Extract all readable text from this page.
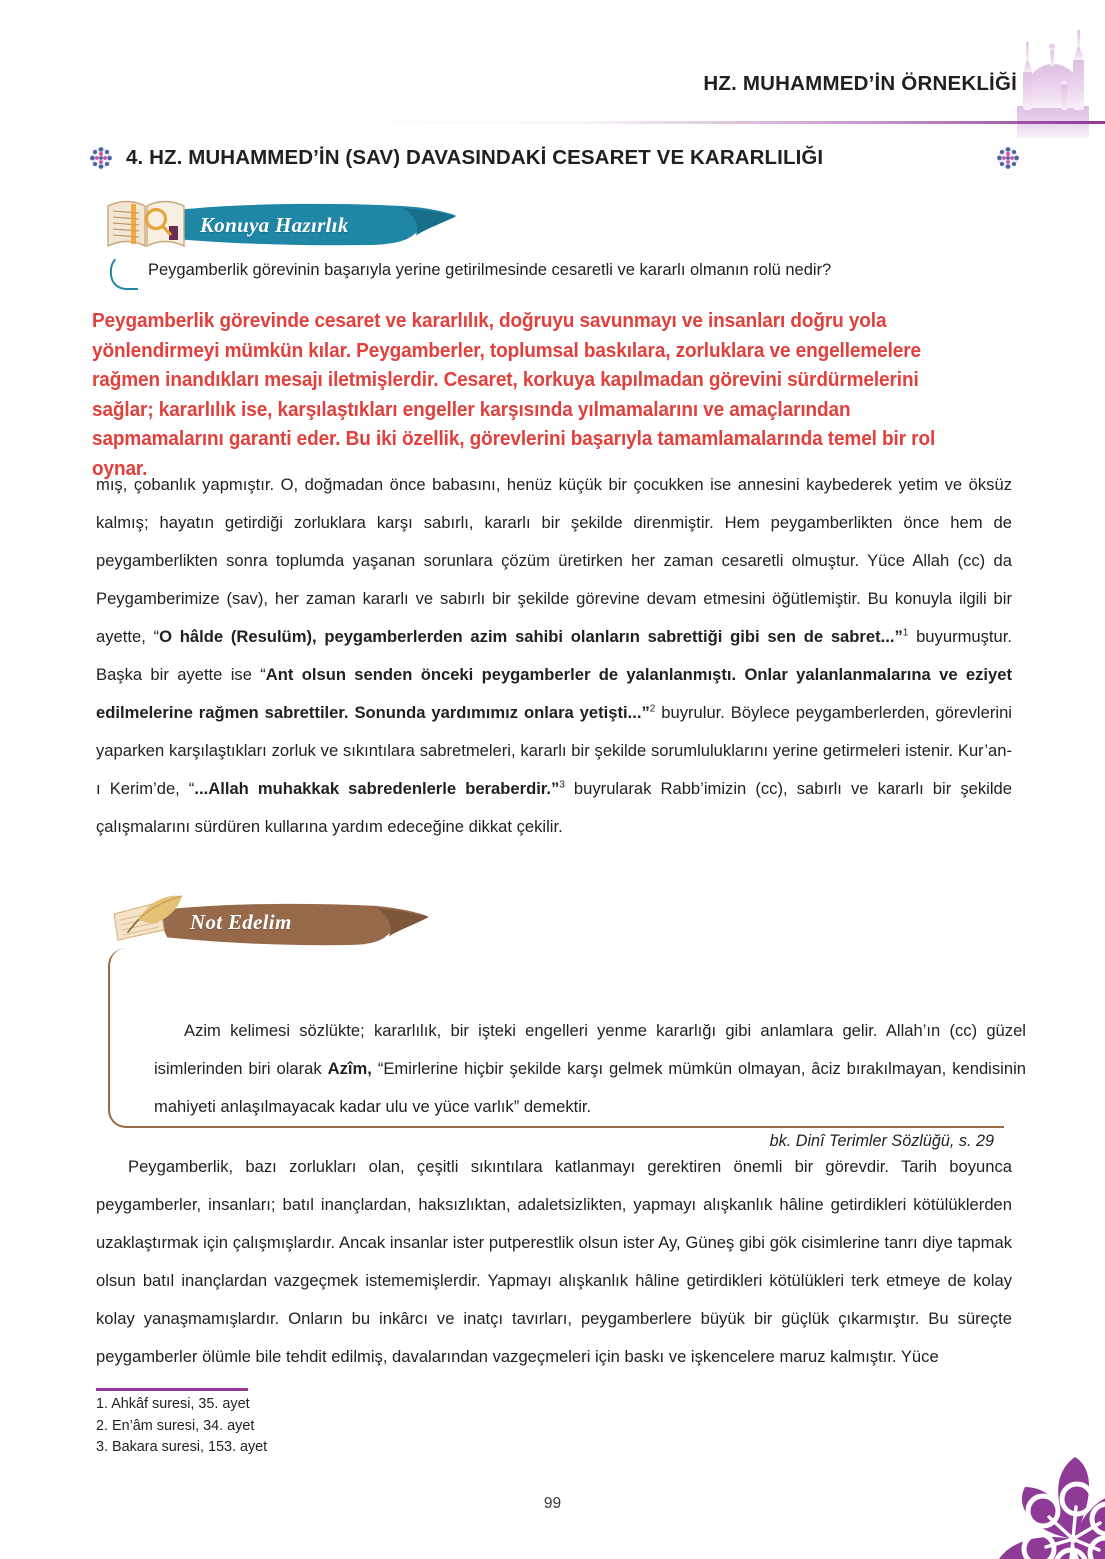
HZ. MUHAMMED’İN ÖRNEKLİĞİ
4. HZ. MUHAMMED’İN (SAV) DAVASINDAKİ CESARET VE KARARLILIĞI
Konuya Hazırlık
Peygamberlik görevinin başarıyla yerine getirilmesinde cesaretli ve kararlı olmanın rolü nedir?
Peygamberlik görevinde cesaret ve kararlılık, doğruyu savunmayı ve insanları doğru yola yönlendirmeyi mümkün kılar. Peygamberler, toplumsal baskılara, zorluklara ve engellemelere rağmen inandıkları mesajı iletmişlerdir. Cesaret, korkuya kapılmadan görevini sürdürmelerini sağlar; kararlılık ise, karşılaştıkları engeller karşısında yılmamalarını ve amaçlarından sapmamalarını garanti eder. Bu iki özellik, görevlerini başarıyla tamamlamalarında temel bir rol oynar.
mış, çobanlık yapmıştır. O, doğmadan önce babasını, henüz küçük bir çocukken ise annesini kaybederek yetim ve öksüz kalmış; hayatın getirdiği zorluklara karşı sabırlı, kararlı bir şekilde direnmiştir. Hem peygamberlikten önce hem de peygamberlikten sonra toplumda yaşanan sorunlara çözüm üretirken her zaman cesaretli olmuştur. Yüce Allah (cc) da Peygamberimize (sav), her zaman kararlı ve sabırlı bir şekilde görevine devam etmesini öğütlemiştir. Bu konuyla ilgili bir ayette, “O hâlde (Resulüm), peygamberlerden azim sahibi olanların sabrettiği gibi sen de sabret...”$^1$ buyurmuştur. Başka bir ayette ise “Ant olsun senden önceki peygamberler de yalanlanmıştı. Onlar yalanlanmalarına ve eziyet edilmelerine rağmen sabrettiler. Sonunda yardımımız onlara yetişti...”$^2$ buyrulur. Böylece peygamberlerden, görevlerini yaparken karşılaştıkları zorluk ve sıkıntılara sabretmeleri, kararlı bir şekilde sorumluluklarını yerine getirmeleri istenir. Kur’an-ı Kerim’de, “...Allah muhakkak sabredenlerle beraberdir.”$^3$ buyrularak Rabb’imizin (cc), sabırlı ve kararlı bir şekilde çalışmalarını sürdüren kullarına yardım edeceğine dikkat çekilir.
Not Edelim
Azim kelimesi sözlükte; kararlılık, bir işteki engelleri yenme kararlığı gibi anlamlara gelir. Allah’ın (cc) güzel isimlerinden biri olarak Azîm, “Emirlerine hiçbir şekilde karşı gelmek mümkün olmayan, âciz bırakılmayan, kendisinin mahiyeti anlaşılmayacak kadar ulu ve yüce varlık” demektir.
bk. Dinî Terimler Sözlüğü, s. 29
Peygamberlik, bazı zorlukları olan, çeşitli sıkıntılara katlanmayı gerektiren önemli bir görevdir. Tarih boyunca peygamberler, insanları; batıl inançlardan, haksızlıktan, adaletsizlikten, yapmayı alışkanlık hâline getirdikleri kötülüklerden uzaklaştırmak için çalışmışlardır. Ancak insanlar ister putperestlik olsun ister Ay, Güneş gibi gök cisimlerine tanrı diye tapmak olsun batıl inançlardan vazgeçmek istememişlerdir. Yapmayı alışkanlık hâline getirdikleri kötülükleri terk etmeye de kolay kolay yanaşmamışlardır. Onların bu inkârcı ve inatçı tavırları, peygamberlere büyük bir güçlük çıkarmıştır. Bu süreçte peygamberler ölümle bile tehdit edilmiş, davalarından vazgeçmeleri için baskı ve işkencelere maruz kalmıştır. Yüce
1. Ahkâf suresi, 35. ayet
2. En’âm suresi, 34. ayet
3. Bakara suresi, 153. ayet
99
